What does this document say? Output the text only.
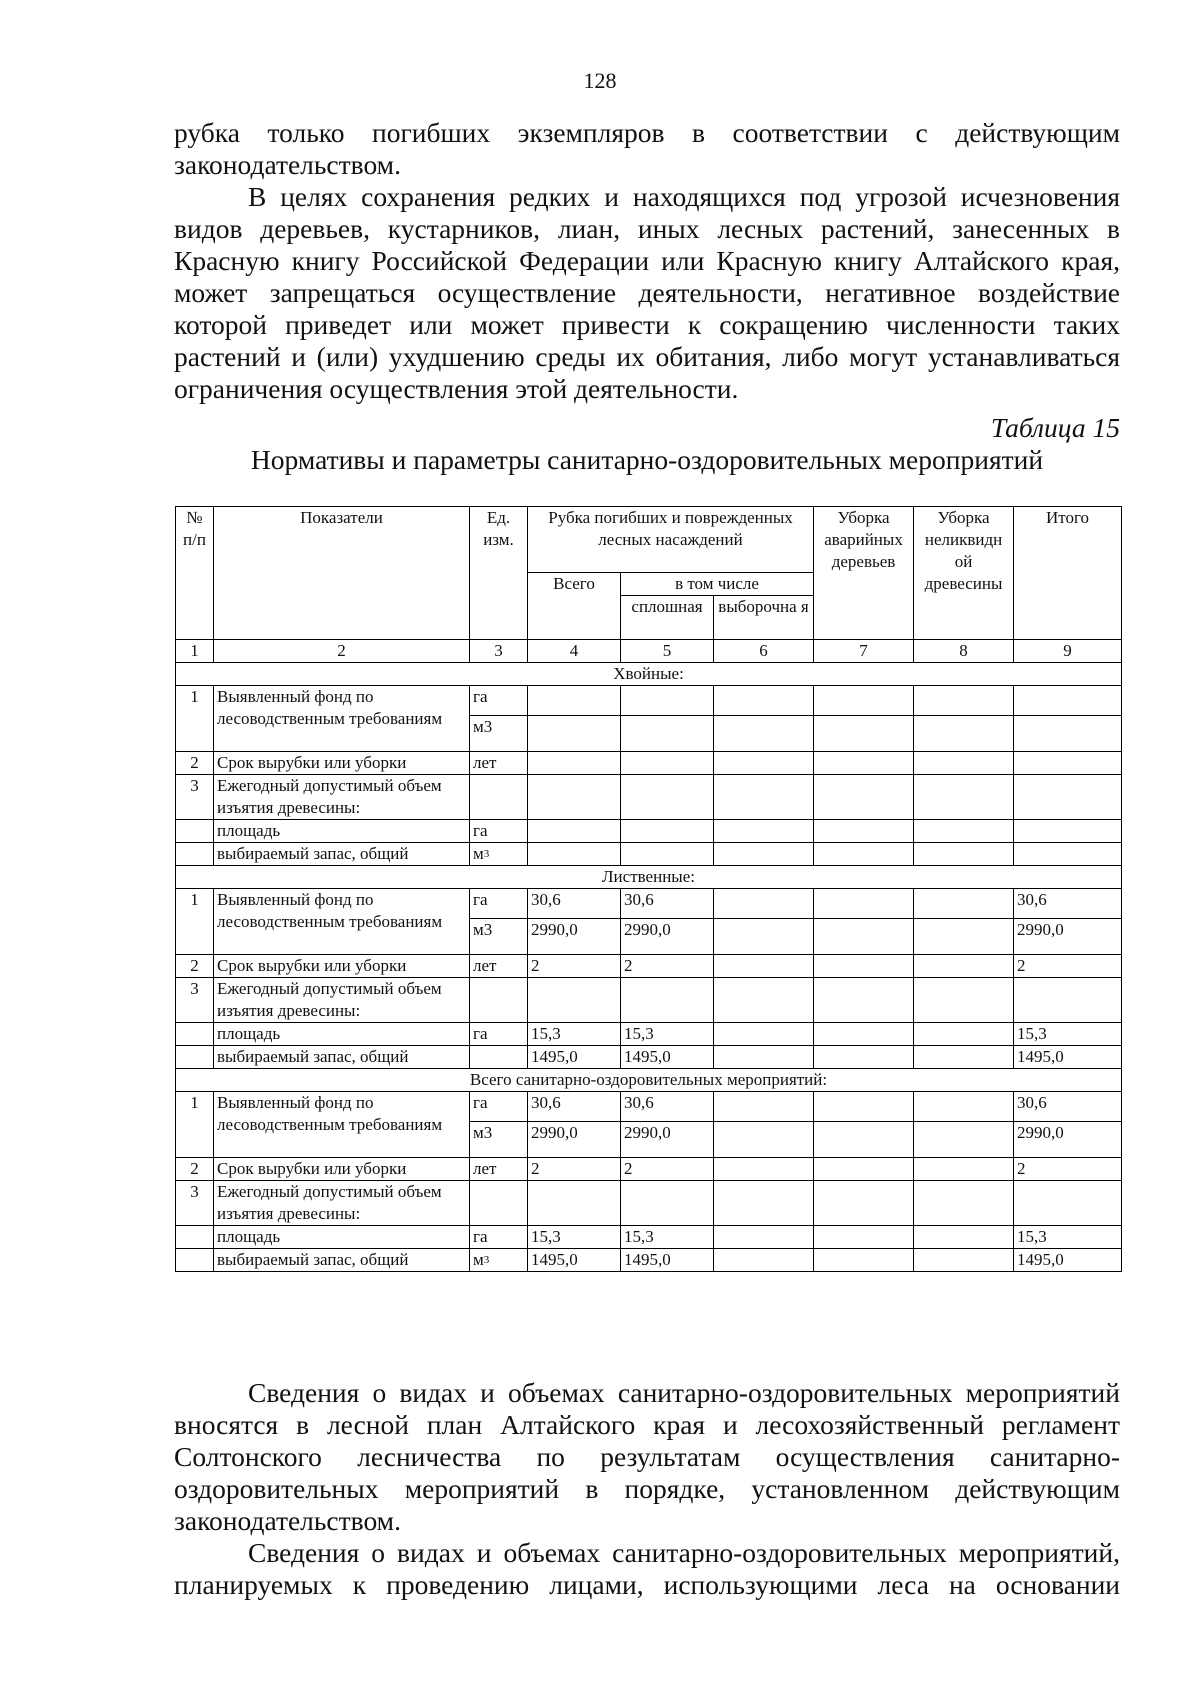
128

рубка только погибших экземпляров в соответствии с действующим законодательством.

В целях сохранения редких и находящихся под угрозой исчезновения видов деревьев, кустарников, лиан, иных лесных растений, занесенных в Красную книгу Российской Федерации или Красную книгу Алтайского края, может запрещаться осуществление деятельности, негативное воздействие которой приведет или может привести к сокращению численности таких растений и (или) ухудшению среды их обитания, либо могут устанавливаться ограничения осуществления этой деятельности.

Таблица 15

Нормативы и параметры санитарно-оздоровительных мероприятий

№ п/п	Показатели	Ед. изм.	Рубка погибших и поврежденных лесных насаждений			Уборка аварийных деревьев	Уборка неликвидн ой древесины	Итого
			Всего	в том числе				
				сплошная	выборочна я			
1	2	3	4	5	6	7	8	9
Хвойные:								
1	Выявленный фонд по лесоводственным требованиям	га						
		м3						
2	Срок вырубки или уборки	лет						
3	Ежегодный допустимый объем изъятия древесины:							
	площадь	га						
	выбираемый запас, общий	$м^3$						
Лиственные:								
1	Выявленный фонд по лесоводственным требованиям	га	30,6	30,6				30,6
		м3	2990,0	2990,0				2990,0
2	Срок вырубки или уборки	лет	2	2				2
3	Ежегодный допустимый объем изъятия древесины:							
	площадь	га	15,3	15,3				15,3
	выбираемый запас, общий		1495,0	1495,0				1495,0
Всего санитарно-оздоровительных мероприятий:								
1	Выявленный фонд по лесоводственным требованиям	га	30,6	30,6				30,6
		м3	2990,0	2990,0				2990,0
2	Срок вырубки или уборки	лет	2	2				2
3	Ежегодный допустимый объем изъятия древесины:							
	площадь	га	15,3	15,3				15,3
	выбираемый запас, общий	$м^3$	1495,0	1495,0				1495,0

Сведения о видах и объемах санитарно-оздоровительных мероприятий вносятся в лесной план Алтайского края и лесохозяйственный регламент Солтонского лесничества по результатам осуществления санитарно-оздоровительных мероприятий в порядке, установленном действующим законодательством.

Сведения о видах и объемах санитарно-оздоровительных мероприятий, планируемых к проведению лицами, использующими леса на основании
